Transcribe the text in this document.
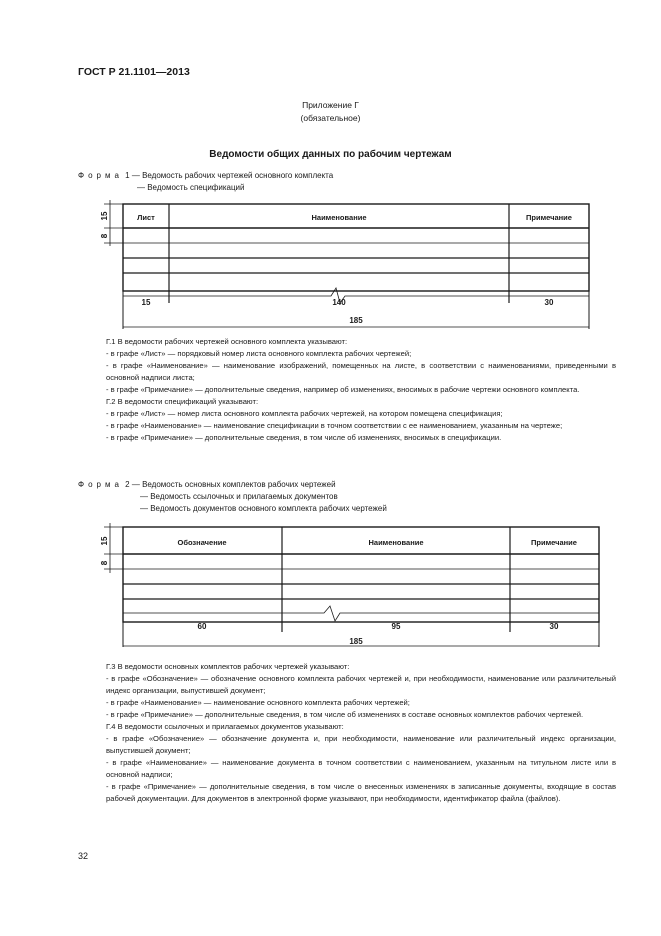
ГОСТ Р 21.1101—2013
Приложение Г
(обязательное)
Ведомости общих данных по рабочим чертежам
Форма 1 — Ведомость рабочих чертежей основного комплекта
— Ведомость спецификаций
Лист	Наименование	Примечание
15	140	30
185
15
8

Г.1 В ведомости рабочих чертежей основного комплекта указывают:

- в графе «Лист» — порядковый номер листа основного комплекта рабочих чертежей;

- в графе «Наименование» — наименование изображений, помещенных на листе, в соответствии с наименованиями, приведенными в основной надписи листа;

- в графе «Примечание» — дополнительные сведения, например об изменениях, вносимых в рабочие чертежи основного комплекта.

Г.2 В ведомости спецификаций указывают:

- в графе «Лист» — номер листа основного комплекта рабочих чертежей, на котором помещена спецификация;

- в графе «Наименование» — наименование спецификации в точном соответствии с ее наименованием, указанным на чертеже;

- в графе «Примечание» — дополнительные сведения, в том числе об изменениях, вносимых в спецификации.

Форма 2 — Ведомость основных комплектов рабочих чертежей
— Ведомость ссылочных и прилагаемых документов
— Ведомость документов основного комплекта рабочих чертежей
Обозначение	Наименование	Примечание
60	95	30
185
15
8

Г.3 В ведомости основных комплектов рабочих чертежей указывают:

- в графе «Обозначение» — обозначение основного комплекта рабочих чертежей и, при необходимости, наименование или различительный индекс организации, выпустившей документ;

- в графе «Наименование» — наименование основного комплекта рабочих чертежей;

- в графе «Примечание» — дополнительные сведения, в том числе об изменениях в составе основных комплектов рабочих чертежей.

Г.4 В ведомости ссылочных и прилагаемых документов указывают:

- в графе «Обозначение» — обозначение документа и, при необходимости, наименование или различительный индекс организации, выпустившей документ;

- в графе «Наименование» — наименование документа в точном соответствии с наименованием, указанным на титульном листе или в основной надписи;

- в графе «Примечание» — дополнительные сведения, в том числе о внесенных изменениях в записанные документы, входящие в состав рабочей документации. Для документов в электронной форме указывают, при необходимости, идентификатор файла (файлов).

32
